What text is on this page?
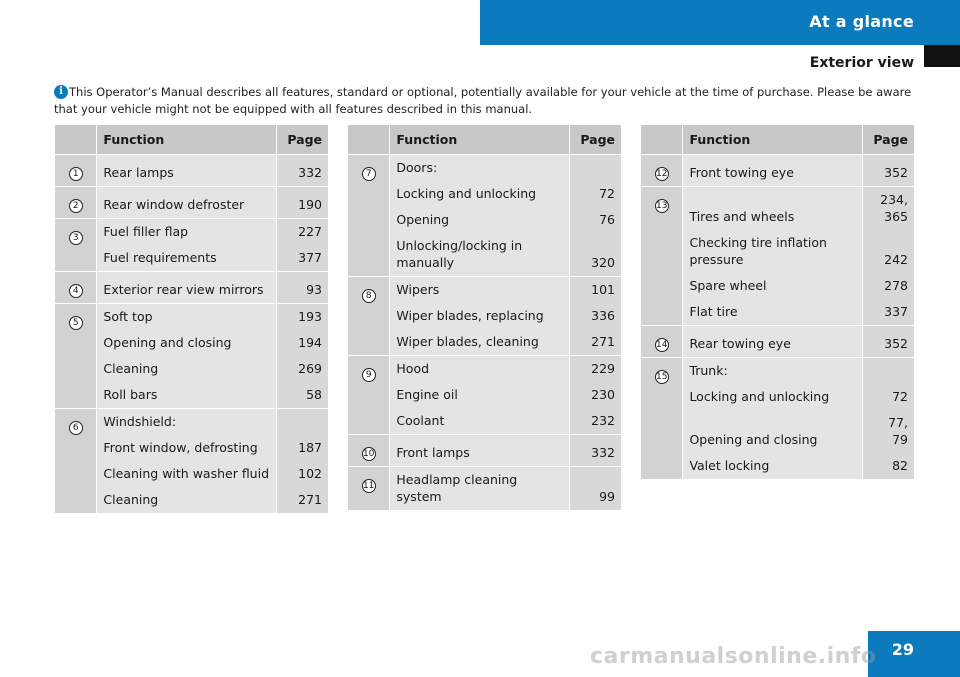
At a glance
Exterior view
i This Operator’s Manual describes all features, standard or optional, potentially available for your vehicle at the time of purchase. Please be aware that your vehicle might not be equipped with all features described in this manual.

	Function	Page
1	Rear lamps	332
2	Rear window defroster	190
3	Fuel filler flap	227
	Fuel requirements	377
4	Exterior rear view mirrors	93
5	Soft top	193
	Opening and closing	194
	Cleaning	269
	Roll bars	58
6	Windshield:	
	Front window, defrosting	187
	Cleaning with washer fluid	102
	Cleaning	271
	Function	Page
7	Doors:	
	Locking and unlocking	72
	Opening	76
	Unlocking/locking in manually	320
8	Wipers	101
	Wiper blades, replacing	336
	Wiper blades, cleaning	271
9	Hood	229
	Engine oil	230
	Coolant	232
10	Front lamps	332
11	Headlamp cleaning system	99
	Function	Page
12	Front towing eye	352
13	Tires and wheels	234, 365
	Checking tire inflation pressure	242
	Spare wheel	278
	Flat tire	337
14	Rear towing eye	352
15	Trunk:	
	Locking and unlocking	72
	Opening and closing	77, 79
	Valet locking	82
29
carmanualsonline.info
